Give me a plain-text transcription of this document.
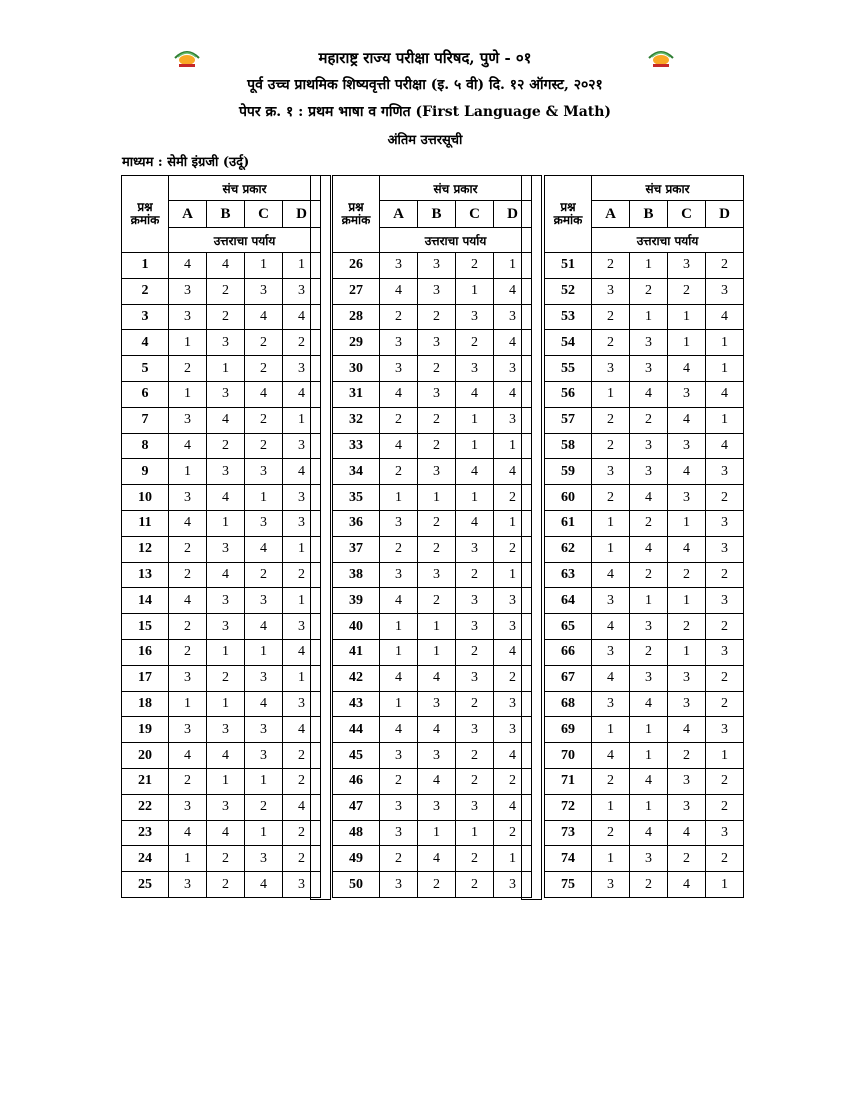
महाराष्ट्र राज्य परीक्षा परिषद, पुणे - ०१
पूर्व उच्च प्राथमिक शिष्यवृत्ती परीक्षा (इ. ५ वी) दि. १२ ऑगस्ट, २०२१
पेपर क्र. १ : प्रथम भाषा व गणित (First Language & Math)
अंतिम उत्तरसूची
माध्यम : सेमी इंग्रजी (उर्दू)
प्रश्न क्रमांक	संच प्रकार			
	A	B	C	D
	उत्तराचा पर्याय			
1	4	4	1	1
2	3	2	3	3
3	3	2	4	4
4	1	3	2	2
5	2	1	2	3
6	1	3	4	4
7	3	4	2	1
8	4	2	2	3
9	1	3	3	4
10	3	4	1	3
11	4	1	3	3
12	2	3	4	1
13	2	4	2	2
14	4	3	3	1
15	2	3	4	3
16	2	1	1	4
17	3	2	3	1
18	1	1	4	3
19	3	3	3	4
20	4	4	3	2
21	2	1	1	2
22	3	3	2	4
23	4	4	1	2
24	1	2	3	2
25	3	2	4	3
प्रश्न क्रमांक	संच प्रकार			
	A	B	C	D
	उत्तराचा पर्याय			
26	3	3	2	1
27	4	3	1	4
28	2	2	3	3
29	3	3	2	4
30	3	2	3	3
31	4	3	4	4
32	2	2	1	3
33	4	2	1	1
34	2	3	4	4
35	1	1	1	2
36	3	2	4	1
37	2	2	3	2
38	3	3	2	1
39	4	2	3	3
40	1	1	3	3
41	1	1	2	4
42	4	4	3	2
43	1	3	2	3
44	4	4	3	3
45	3	3	2	4
46	2	4	2	2
47	3	3	3	4
48	3	1	1	2
49	2	4	2	1
50	3	2	2	3
प्रश्न क्रमांक	संच प्रकार			
	A	B	C	D
	उत्तराचा पर्याय			
51	2	1	3	2
52	3	2	2	3
53	2	1	1	4
54	2	3	1	1
55	3	3	4	1
56	1	4	3	4
57	2	2	4	1
58	2	3	3	4
59	3	3	4	3
60	2	4	3	2
61	1	2	1	3
62	1	4	4	3
63	4	2	2	2
64	3	1	1	3
65	4	3	2	2
66	3	2	1	3
67	4	3	3	2
68	3	4	3	2
69	1	1	4	3
70	4	1	2	1
71	2	4	3	2
72	1	1	3	2
73	2	4	4	3
74	1	3	2	2
75	3	2	4	1
